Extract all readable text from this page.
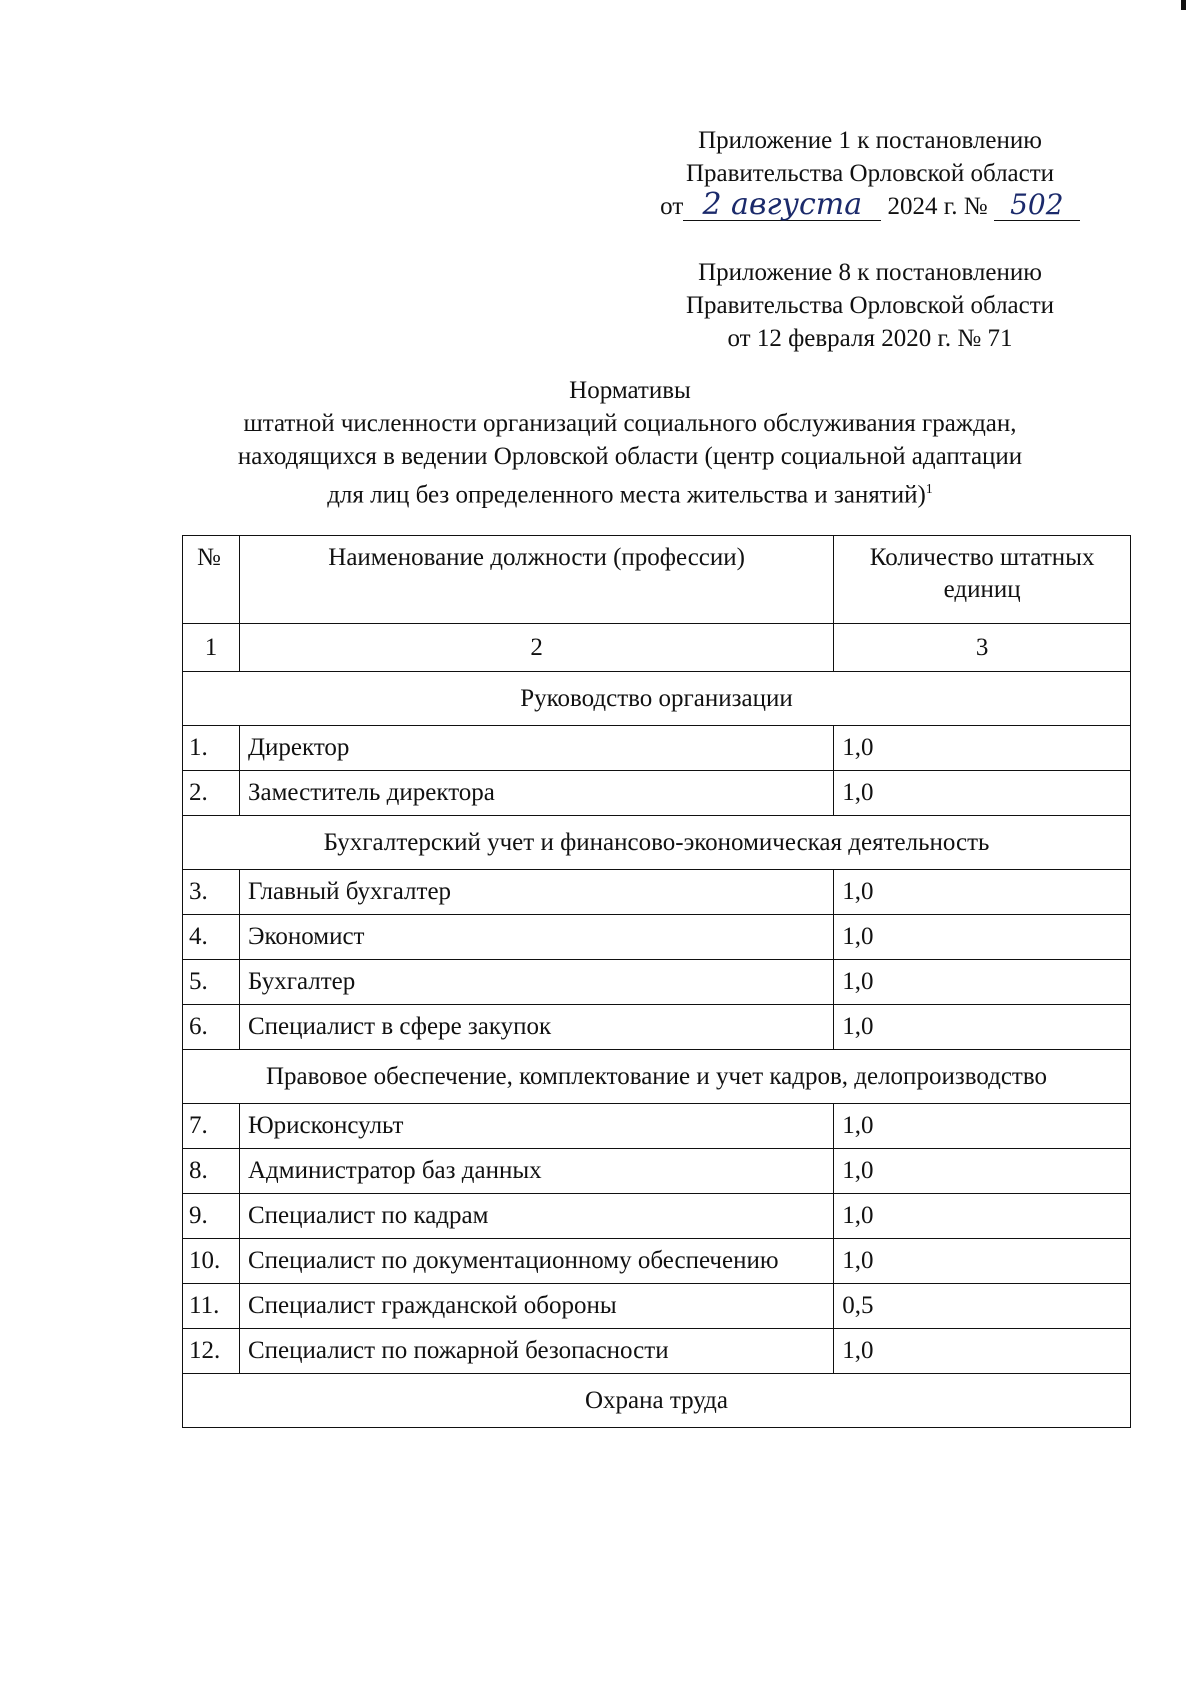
Приложение 1 к постановлению
Правительства Орловской области
от 2 августа 2024 г. № 502
Приложение 8 к постановлению
Правительства Орловской области
от 12 февраля 2020 г. № 71
Нормативы
штатной численности организаций социального обслуживания граждан,
находящихся в ведении Орловской области (центр социальной адаптации
для лиц без определенного места жительства и занятий)$^1$
№	Наименование должности (профессии)	Количество штатных единиц
1	2	3
Руководство организации		
1.	Директор	1,0
2.	Заместитель директора	1,0
Бухгалтерский учет и финансово-экономическая деятельность		
3.	Главный бухгалтер	1,0
4.	Экономист	1,0
5.	Бухгалтер	1,0
6.	Специалист в сфере закупок	1,0
Правовое обеспечение, комплектование и учет кадров, делопроизводство		
7.	Юрисконсульт	1,0
8.	Администратор баз данных	1,0
9.	Специалист по кадрам	1,0
10.	Специалист по документационному обеспечению	1,0
11.	Специалист гражданской обороны	0,5
12.	Специалист по пожарной безопасности	1,0
Охрана труда		
